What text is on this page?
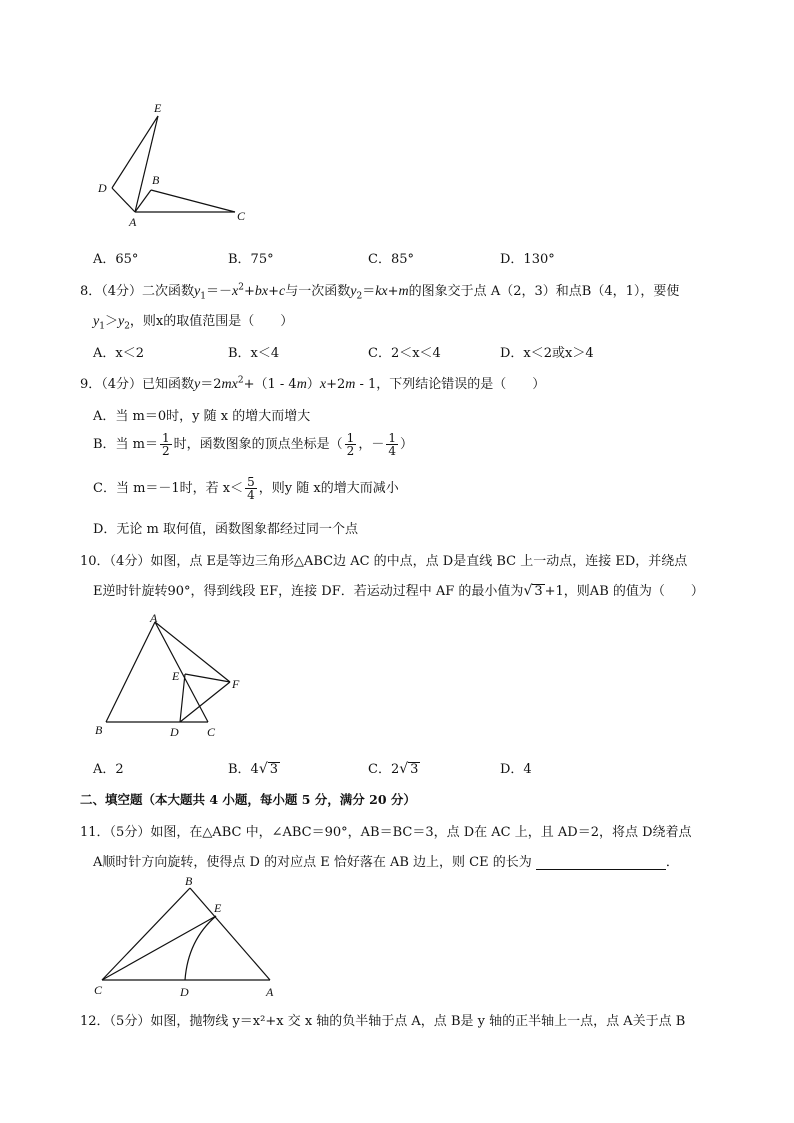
E
D
B
A	C
A．65°	B．75°	C．85°	D．130°
8．（4分）二次函数$y_1=-x^2+bx+c$与一次函数$y_2=kx+m$的图象交于点 A（2，3）和点B（4，1），要使
$y_1>y_2$，则x的取值范围是（　　）
A．x＜2	B．x＜4	C．2＜x＜4	D．x＜2或x＞4
9．（4分）已知函数$y=2mx^2+(1 - 4m)x+2m - 1$，下列结论错误的是（　　）
A．当 m＝0时，y 随 x 的增大而增大
B．当 $m= \frac{1}{2}$ 时，函数图象的顶点坐标是（ $\frac{1}{2}$ ，－ $\frac{1}{4}$ ）
C．当 m＝－1时，若 $x< \frac{5}{4}$ ，则y 随 x的增大而减小
D．无论 m 取何值，函数图象都经过同一个点
10．（4分）如图，点 E是等边三角形△ABC边 AC 的中点，点 D是直线 BC 上一动点，连接 ED，并绕点
E逆时针旋转90°，得到线段 EF，连接 DF．若运动过程中 AF 的最小值为√ 3 +1，则AB 的值为（　　）
A
E
F
B	D C
A．2	B．4√ 3	C．2√ 3	D．4
二、填空题（本大题共 4 小题，每小题 5 分，满分 20 分）
11．（5分）如图，在△ABC 中，∠ABC＝90°，AB＝BC＝3，点 D在 AC 上，且 AD＝2，将点 D绕着点
A顺时针方向旋转，使得点 D 的对应点 E 恰好落在 AB 边上，则 CE 的长为	．
B
E
C	D	A
12．（5分）如图，抛物线 y＝x²+x 交 x 轴的负半轴于点 A，点 B是 y 轴的正半轴上一点，点 A关于点 B
